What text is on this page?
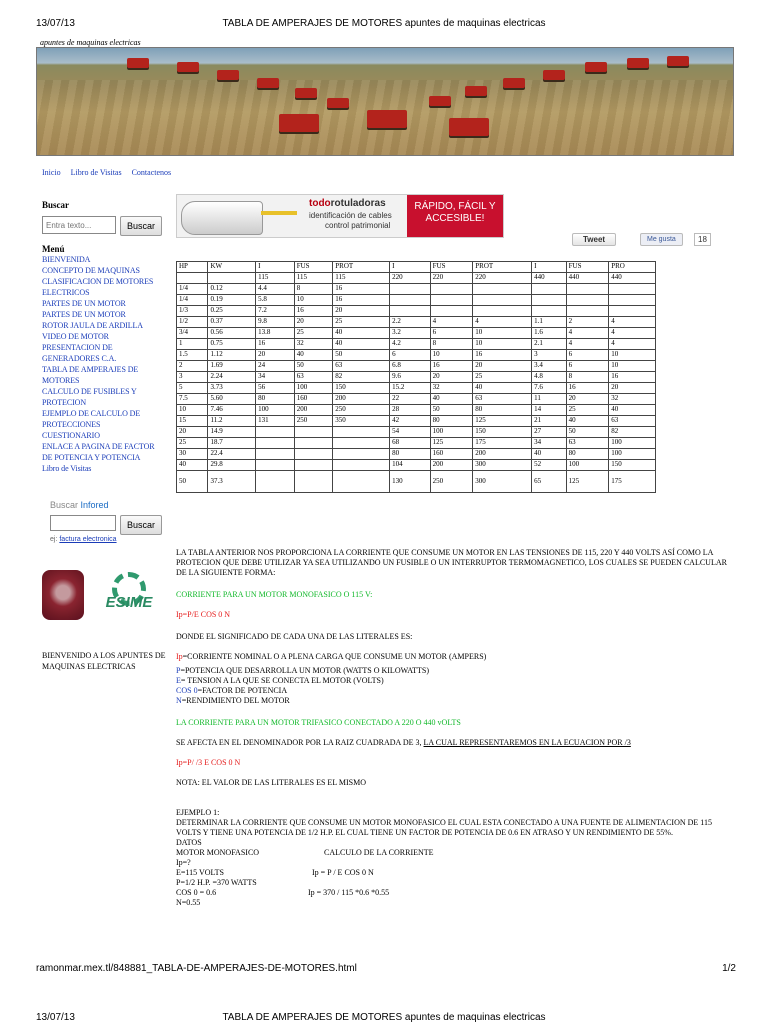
13/07/13	TABLA DE AMPERAJES DE MOTORES apuntes de maquinas electricas
apuntes de maquinas electricas
Inicio Libro de Visitas Contactenos
Buscar
Entra texto...
Buscar
Menú
BIENVENIDA
CONCEPTO DE MAQUINAS
CLASIFICACION DE MOTORES
ELECTRICOS
PARTES DE UN MOTOR
PARTES DE UN MOTOR
ROTOR JAULA DE ARDILLA
VIDEO DE MOTOR
PRESENTACION DE
GENERADORES C.A.
TABLA DE AMPERAJES DE
MOTORES
CALCULO DE FUSIBLES Y
PROTECION
EJEMPLO DE CALCULO DE
PROTECCIONES
CUESTIONARIO
ENLACE A PAGINA DE FACTOR
DE POTENCIA Y POTENCIA
Libro de Visitas
Buscar Infored
Buscar
ej: factura electronica
ESIME
BIENVENIDO A LOS APUNTES DE MAQUINAS ELECTRICAS
todorotuladoras
identificación de cables
control patrimonial
RÁPIDO, FÁCIL Y ACCESIBLE!
Tweet	Me gusta	18
HP	KW	I	FUS	PROT	I	FUS	PROT	I	FUS	PRO
		115	115	115	220	220	220	440	440	440
1/4	0.12	4.4	8	16						
1/4	0.19	5.8	10	16						
1/3	0.25	7.2	16	20						
1/2	0.37	9.8	20	25	2.2	4	4	1.1	2	4
3/4	0.56	13.8	25	40	3.2	6	10	1.6	4	4
1	0.75	16	32	40	4.2	8	10	2.1	4	4
1.5	1.12	20	40	50	6	10	16	3	6	10
2	1.69	24	50	63	6.8	16	20	3.4	6	10
3	2.24	34	63	82	9.6	20	25	4.8	8	16
5	3.73	56	100	150	15.2	32	40	7.6	16	20
7.5	5.60	80	160	200	22	40	63	11	20	32
10	7.46	100	200	250	28	50	80	14	25	40
15	11.2	131	250	350	42	80	125	21	40	63
20	14.9				54	100	150	27	50	82
25	18.7				68	125	175	34	63	100
30	22.4				80	160	200	40	80	100
40	29.8				104	200	300	52	100	150
50	37.3				130	250	300	65	125	175

LA TABLA ANTERIOR NOS PROPORCIONA LA CORRIENTE QUE CONSUME UN MOTOR EN LAS TENSIONES DE 115, 220 Y 440 VOLTS ASÍ COMO LA PROTECION QUE DEBE UTILIZAR YA SEA UTILIZANDO UN FUSIBLE O UN INTERRUPTOR TERMOMAGNETICO, LOS CUALES SE PUEDEN CALCULAR DE LA SIGUIENTE FORMA:

CORRIENTE PARA UN MOTOR MONOFASICO O 115 V:

Ip=P/E COS 0 N

DONDE EL SIGNIFICADO DE CADA UNA DE LAS LITERALES ES:

Ip=CORRIENTE NOMINAL O A PLENA CARGA QUE CONSUME UN MOTOR (AMPERS)

P=POTENCIA QUE DESARROLLA UN MOTOR (WATTS O KILOWATTS)

E= TENSION A LA QUE SE CONECTA EL MOTOR (VOLTS)

COS 0=FACTOR DE POTENCIA

N=RENDIMIENTO DEL MOTOR

LA CORRIENTE PARA UN MOTOR TRIFASICO CONECTADO A 220 O 440 vOLTS

SE AFECTA EN EL DENOMINADOR POR LA RAIZ CUADRADA DE 3, LA CUAL REPRESENTAREMOS EN LA ECUACION POR /3

Ip=P/ /3 E COS 0 N

NOTA: EL VALOR DE LAS LITERALES ES EL MISMO

EJEMPLO 1:

DETERMINAR LA CORRIENTE QUE CONSUME UN MOTOR MONOFASICO EL CUAL ESTA CONECTADO A UNA FUENTE DE ALIMENTACION DE 115 VOLTS Y TIENE UNA POTENCIA DE 1/2 H.P. EL CUAL TIENE UN FACTOR DE POTENCIA DE 0.6 EN ATRASO Y UN RENDIMIENTO DE 55%.

DATOS

MOTOR MONOFASICO	CALCULO DE LA CORRIENTE

Ip=?

E=115 VOLTS	Ip = P / E COS 0 N

P=1/2 H.P. =370 WATTS

COS 0 = 0.6	Ip = 370 / 115 *0.6 *0.55

N=0.55

ramonmar.mex.tl/848881_TABLA-DE-AMPERAJES-DE-MOTORES.html	1/2
13/07/13	TABLA DE AMPERAJES DE MOTORES apuntes de maquinas electricas
